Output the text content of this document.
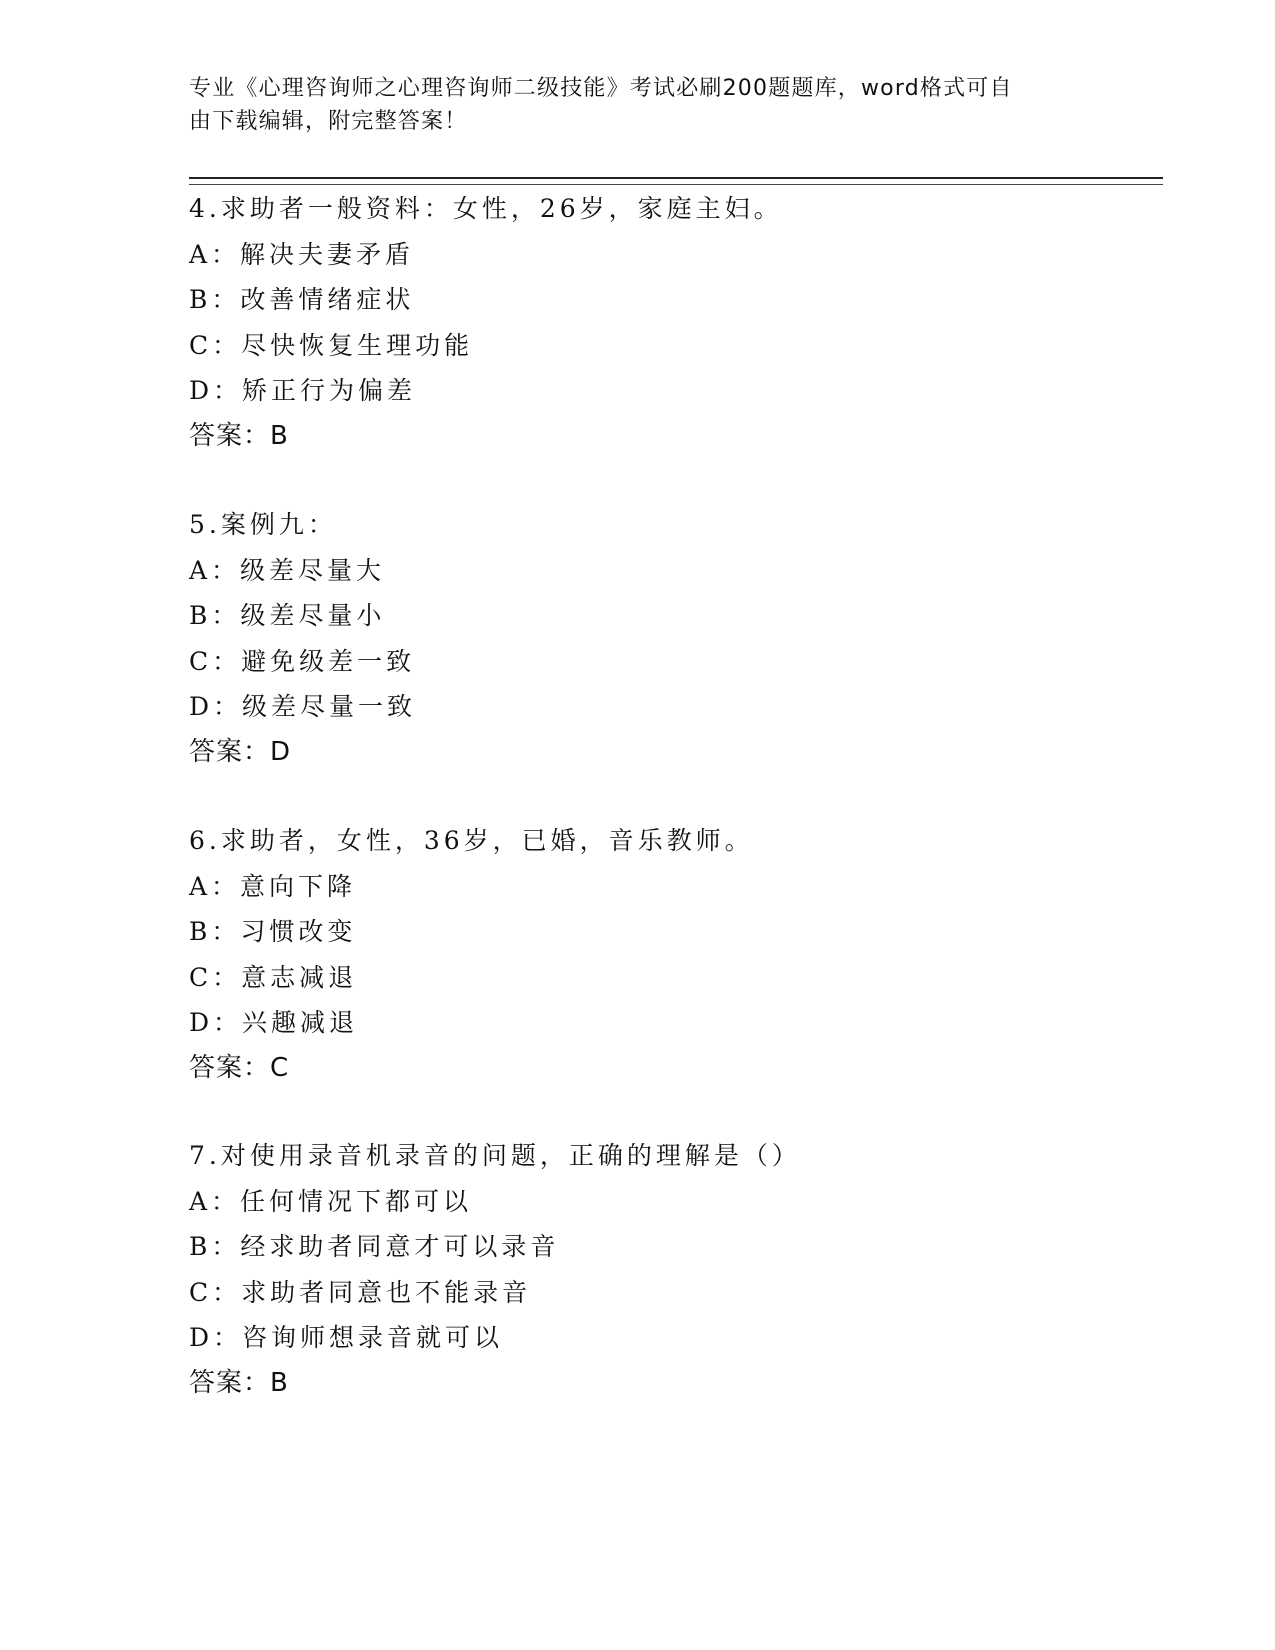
专业《心理咨询师之心理咨询师二级技能》考试必刷200题题库，word格式可自
由下载编辑，附完整答案！
4.求助者一般资料：女性，26岁，家庭主妇。
A：解决夫妻矛盾
B：改善情绪症状
C：尽快恢复生理功能
D：矫正行为偏差
答案：B
5.案例九：
A：级差尽量大
B：级差尽量小
C：避免级差一致
D：级差尽量一致
答案：D
6.求助者，女性，36岁，已婚，音乐教师。
A：意向下降
B：习惯改变
C：意志减退
D：兴趣减退
答案：C
7.对使用录音机录音的问题，正确的理解是（）
A：任何情况下都可以
B：经求助者同意才可以录音
C：求助者同意也不能录音
D：咨询师想录音就可以
答案：B
